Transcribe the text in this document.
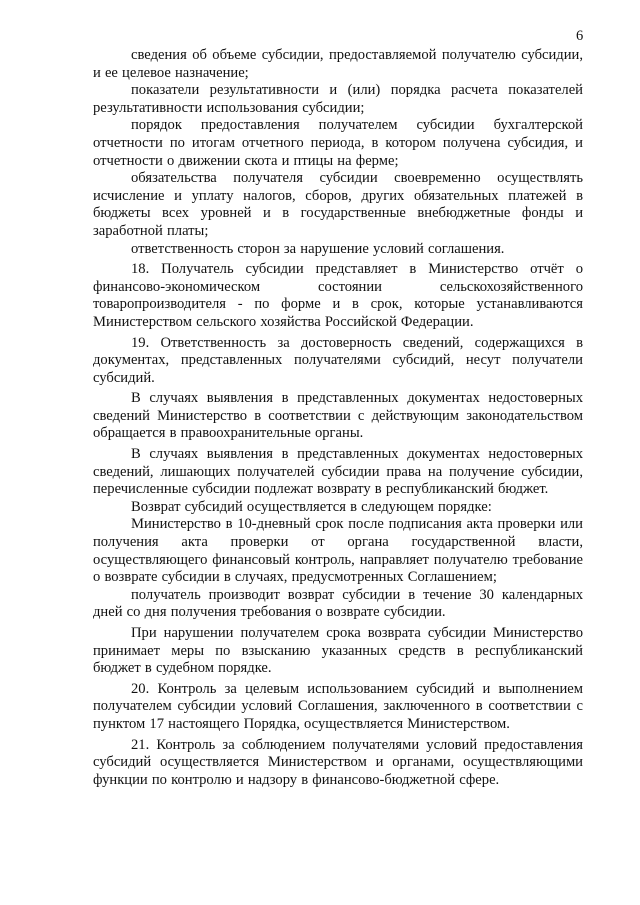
6

сведения об объеме субсидии, предоставляемой получателю субсидии, и ее целевое назначение;

показатели результативности и (или) порядка расчета показателей результативности использования субсидии;

порядок предоставления получателем субсидии бухгалтерской отчетности по итогам отчетного периода, в котором получена субсидия, и отчетности о движении скота и птицы на ферме;

обязательства получателя субсидии своевременно осуществлять исчисление и уплату налогов, сборов, других обязательных платежей в бюджеты всех уровней и в государственные внебюджетные фонды и заработной платы;

ответственность сторон за нарушение условий соглашения.

18. Получатель субсидии представляет в Министерство отчёт о финансово-экономическом состоянии сельскохозяйственного товаропроизводителя - по форме и в срок, которые устанавливаются Министерством сельского хозяйства Российской Федерации.

19. Ответственность за достоверность сведений, содержащихся в документах, представленных получателями субсидий, несут получатели субсидий.

В случаях выявления в представленных документах недостоверных сведений Министерство в соответствии с действующим законодательством обращается в правоохранительные органы.

В случаях выявления в представленных документах недостоверных сведений, лишающих получателей субсидии права на получение субсидии, перечисленные субсидии подлежат возврату в республиканский бюджет.

Возврат субсидий осуществляется в следующем порядке:

Министерство в 10-дневный срок после подписания акта проверки или получения акта проверки от органа государственной власти, осуществляющего финансовый контроль, направляет получателю требование о возврате субсидии в случаях, предусмотренных Соглашением;

получатель производит возврат субсидии в течение 30 календарных дней со дня получения требования о возврате субсидии.

При нарушении получателем срока возврата субсидии Министерство принимает меры по взысканию указанных средств в республиканский бюджет в судебном порядке.

20. Контроль за целевым использованием субсидий и выполнением получателем субсидии условий Соглашения, заключенного в соответствии с пунктом 17 настоящего Порядка, осуществляется Министерством.

21. Контроль за соблюдением получателями условий предоставления субсидий осуществляется Министерством и органами, осуществляющими функции по контролю и надзору в финансово-бюджетной сфере.
